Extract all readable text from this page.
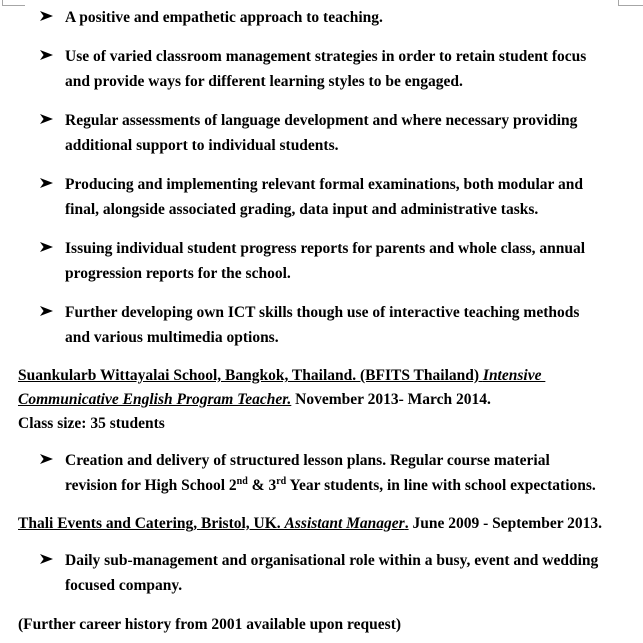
A positive and empathetic approach to teaching.
Use of varied classroom management strategies in order to retain student focus
and provide ways for different learning styles to be engaged.
Regular assessments of language development and where necessary providing
additional support to individual students.
Producing and implementing relevant formal examinations, both modular and
final, alongside associated grading, data input and administrative tasks.
Issuing individual student progress reports for parents and whole class, annual
progression reports for the school.
Further developing own ICT skills though use of interactive teaching methods
and various multimedia options.
Suankularb Wittayalai School, Bangkok, Thailand. (BFITS Thailand) Intensive
Communicative English Program Teacher. November 2013- March 2014.
Class size: 35 students
Creation and delivery of structured lesson plans. Regular course material
revision for High School 2nd & 3rd Year students, in line with school expectations.
Thali Events and Catering, Bristol, UK. Assistant Manager. June 2009 - September 2013.
Daily sub-management and organisational role within a busy, event and wedding
focused company.
(Further career history from 2001 available upon request)
